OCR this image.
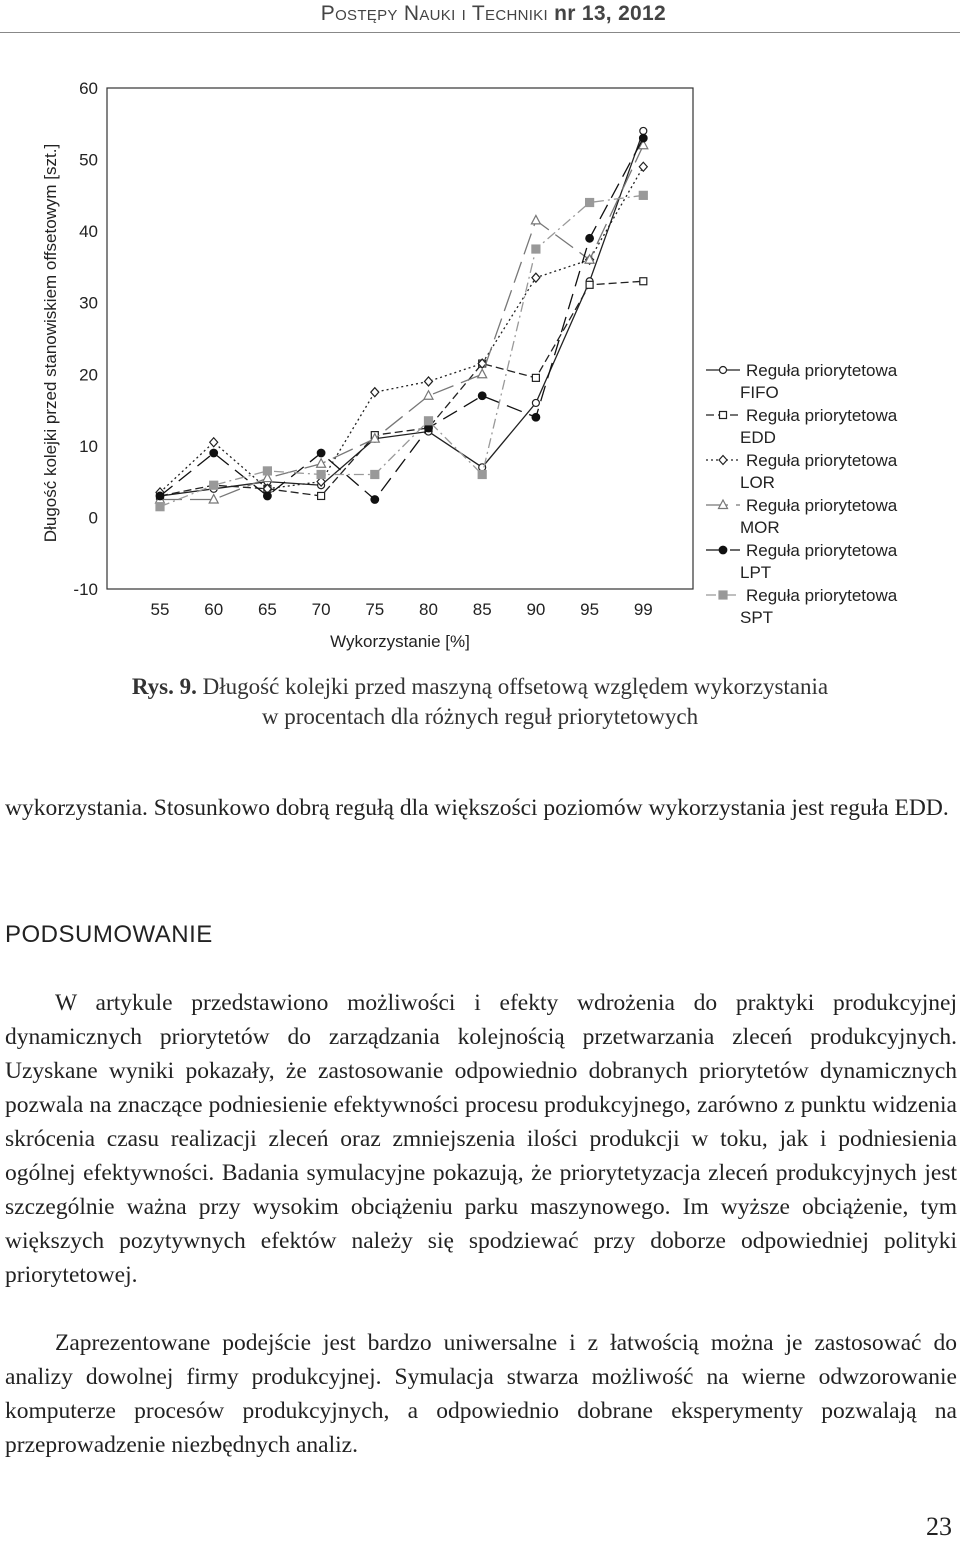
Postępy Nauki i Techniki nr 13, 2012
-10
0
10
20
30
40
50
60
55 60 65 70 75 80 85 90 95 99
Długość kolejki przed stanowiskiem offsetowym [szt.]
Wykorzystanie [%]
Reguła priorytetowa
FIFO
Reguła priorytetowa
EDD
Reguła priorytetowa
LOR
Reguła priorytetowa
MOR
Reguła priorytetowa
LPT
Reguła priorytetowa
SPT
Rys. 9. Długość kolejki przed maszyną offsetową względem wykorzystania
w procentach dla różnych reguł priorytetowych

wykorzystania. Stosunkowo dobrą regułą dla większości poziomów wykorzystania jest reguła EDD.

PODSUMOWANIE

W artykule przedstawiono możliwości i efekty wdrożenia do praktyki produkcyjnej dynamicznych priorytetów do zarządzania kolejnością przetwarzania zleceń produkcyjnych. Uzyskane wyniki pokazały, że zastosowanie odpowiednio dobranych priorytetów dynamicznych pozwala na znaczące podniesienie efektywności procesu produkcyjnego, zarówno z punktu widzenia skrócenia czasu realizacji zleceń oraz zmniejszenia ilości produkcji w toku, jak i podniesienia ogólnej efektywności. Badania symulacyjne pokazują, że priorytetyzacja zleceń produkcyjnych jest szczególnie ważna przy wysokim obciążeniu parku maszynowego. Im wyższe obciążenie, tym większych pozytywnych efektów należy się spodziewać przy doborze odpowiedniej polityki priorytetowej.

Zaprezentowane podejście jest bardzo uniwersalne i z łatwością można je zastosować do analizy dowolnej firmy produkcyjnej. Symulacja stwarza możliwość na wierne odwzorowanie komputerze procesów produkcyjnych, a odpowiednio dobrane eksperymenty pozwalają na przeprowadzenie niezbędnych analiz.

23
